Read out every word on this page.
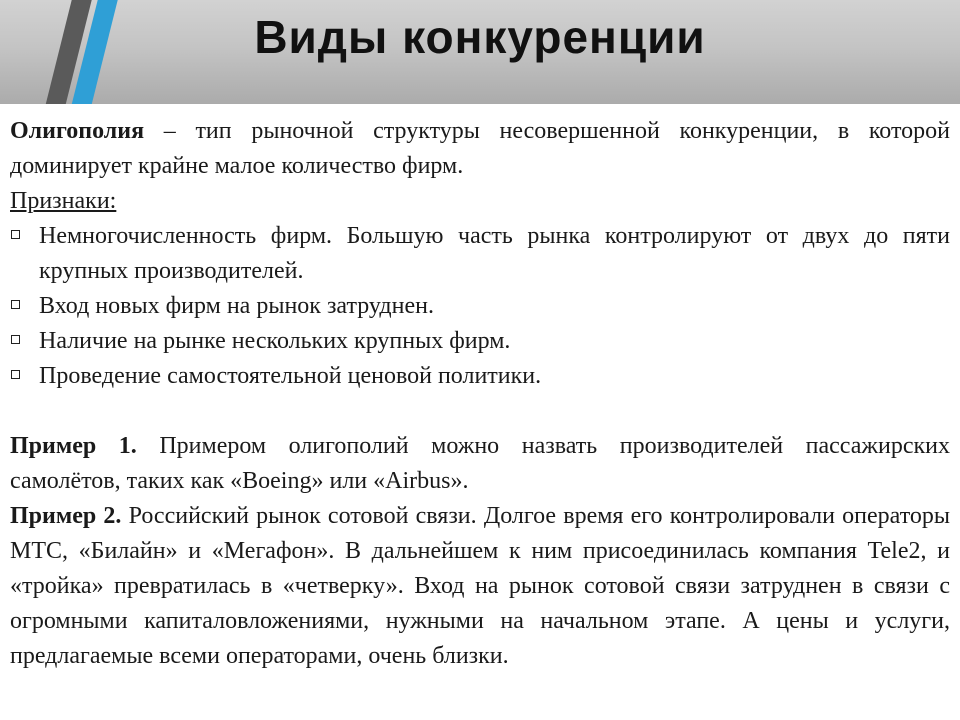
Виды конкуренции

Олигополия – тип рыночной структуры несовершенной конкуренции, в которой доминирует крайне малое количество фирм.

Признаки:

Немногочисленность фирм. Большую часть рынка контролируют от двух до пяти крупных производителей.
Вход новых фирм на рынок затруднен.
Наличие на рынке нескольких крупных фирм.
Проведение самостоятельной ценовой политики.

Пример 1. Примером олигополий можно назвать производителей пассажирских самолётов, таких как «Boeing» или «Airbus».

Пример 2. Российский рынок сотовой связи. Долгое время его контролировали операторы МТС, «Билайн» и «Мегафон». В дальнейшем к ним присоединилась компания Tele2, и «тройка» превратилась в «четверку». Вход на рынок сотовой связи затруднен в связи с огромными капиталовложениями, нужными на начальном этапе. А цены и услуги, предлагаемые всеми операторами, очень близки.
